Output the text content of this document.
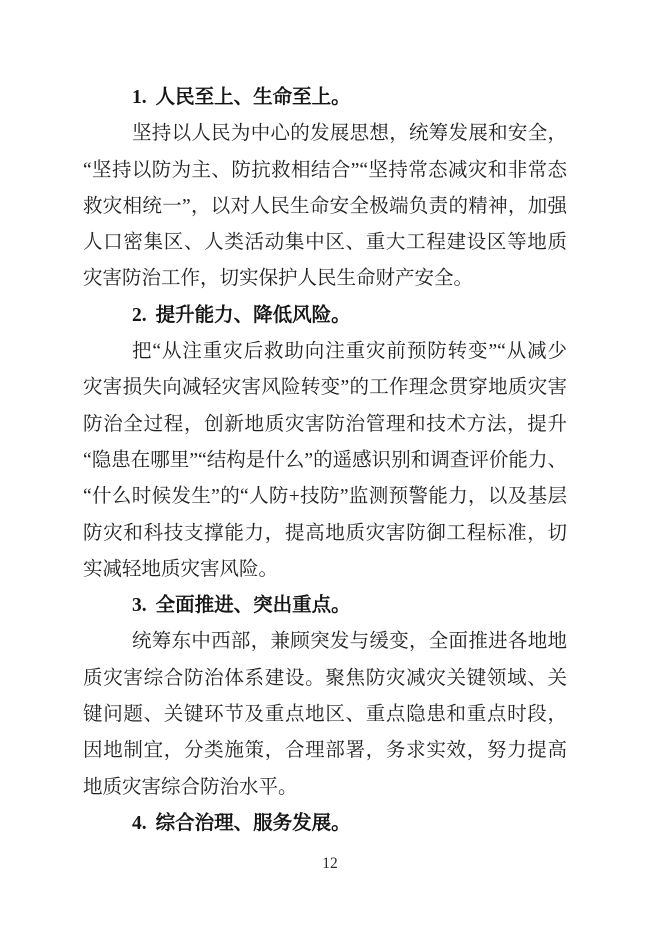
1. 人民至上、生命至上。

坚持以人民为中心的发展思想，统筹发展和安全，“坚持以防为主、防抗救相结合”“坚持常态减灾和非常态救灾相统一”，以对人民生命安全极端负责的精神，加强人口密集区、人类活动集中区、重大工程建设区等地质灾害防治工作，切实保护人民生命财产安全。

2. 提升能力、降低风险。

把“从注重灾后救助向注重灾前预防转变”“从减少灾害损失向减轻灾害风险转变”的工作理念贯穿地质灾害防治全过程，创新地质灾害防治管理和技术方法，提升“隐患在哪里”“结构是什么”的遥感识别和调查评价能力、“什么时候发生”的“人防+技防”监测预警能力，以及基层防灾和科技支撑能力，提高地质灾害防御工程标准，切实减轻地质灾害风险。

3. 全面推进、突出重点。

统筹东中西部，兼顾突发与缓变，全面推进各地地质灾害综合防治体系建设。聚焦防灾减灾关键领域、关键问题、关键环节及重点地区、重点隐患和重点时段，因地制宜，分类施策，合理部署，务求实效，努力提高地质灾害综合防治水平。

4. 综合治理、服务发展。
12
